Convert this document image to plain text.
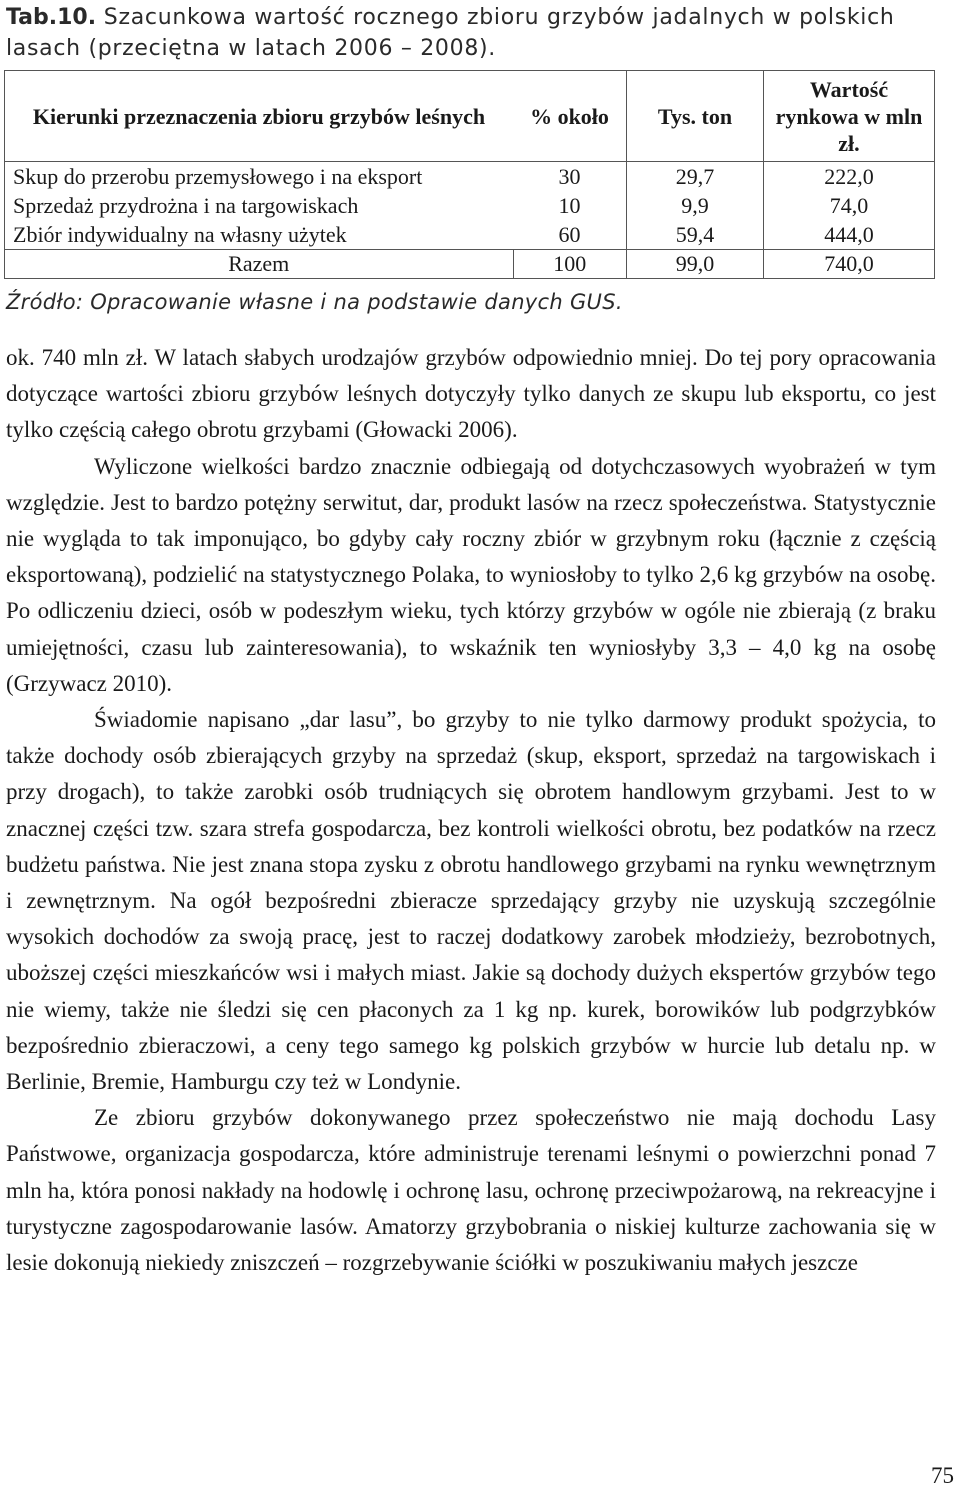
Tab.10. Szacunkowa wartość rocznego zbioru grzybów jadalnych w polskich lasach (przeciętna w latach 2006 – 2008).
Kierunki przeznaczenia zbioru grzybów leśnych	% około	Tys. ton	Wartość rynkowa w mln zł.
Skup do przerobu przemysłowego i na eksport	30	29,7	222,0
Sprzedaż przydrożna i na targowiskach	10	9,9	74,0
Zbiór indywidualny na własny użytek	60	59,4	444,0
Razem	100	99,0	740,0
Źródło: Opracowanie własne i na podstawie danych GUS.

ok. 740 mln zł. W latach słabych urodzajów grzybów odpowiednio mniej. Do tej pory opracowania dotyczące wartości zbioru grzybów leśnych dotyczyły tylko danych ze skupu lub eksportu, co jest tylko częścią całego obrotu grzybami (Głowacki 2006).

Wyliczone wielkości bardzo znacznie odbiegają od dotychczasowych wyobrażeń w tym względzie. Jest to bardzo potężny serwitut, dar, produkt lasów na rzecz społeczeństwa. Statystycznie nie wygląda to tak imponująco, bo gdyby cały roczny zbiór w grzybnym roku (łącznie z częścią eksportowaną), podzielić na statystycznego Polaka, to wyniosłoby to tylko 2,6 kg grzybów na osobę. Po odliczeniu dzieci, osób w podeszłym wieku, tych którzy grzybów w ogóle nie zbierają (z braku umiejętności, czasu lub zainteresowania), to wskaźnik ten wyniosłyby 3,3 – 4,0 kg na osobę (Grzywacz 2010).

Świadomie napisano „dar lasu”, bo grzyby to nie tylko darmowy produkt spożycia, to także dochody osób zbierających grzyby na sprzedaż (skup, eksport, sprzedaż na targowiskach i przy drogach), to także zarobki osób trudniących się obrotem handlowym grzybami. Jest to w znacznej części tzw. szara strefa gospodarcza, bez kontroli wielkości obrotu, bez podatków na rzecz budżetu państwa. Nie jest znana stopa zysku z obrotu handlowego grzybami na rynku wewnętrznym i zewnętrznym. Na ogół bezpośredni zbieracze sprzedający grzyby nie uzyskują szczególnie wysokich dochodów za swoją pracę, jest to raczej dodatkowy zarobek młodzieży, bezrobotnych, uboższej części mieszkańców wsi i małych miast. Jakie są dochody dużych ekspertów grzybów tego nie wiemy, także nie śledzi się cen płaconych za 1 kg np. kurek, borowików lub podgrzybków bezpośrednio zbieraczowi, a ceny tego samego kg polskich grzybów w hurcie lub detalu np. w Berlinie, Bremie, Hamburgu czy też w Londynie.

Ze zbioru grzybów dokonywanego przez społeczeństwo nie mają dochodu Lasy Państwowe, organizacja gospodarcza, które administruje terenami leśnymi o powierzchni ponad 7 mln ha, która ponosi nakłady na hodowlę i ochronę lasu, ochronę przeciwpożarową, na rekreacyjne i turystyczne zagospodarowanie lasów. Amatorzy grzybobrania o niskiej kulturze zachowania się w lesie dokonują niekiedy zniszczeń – rozgrzebywanie ściółki w poszukiwaniu małych jeszcze

75
